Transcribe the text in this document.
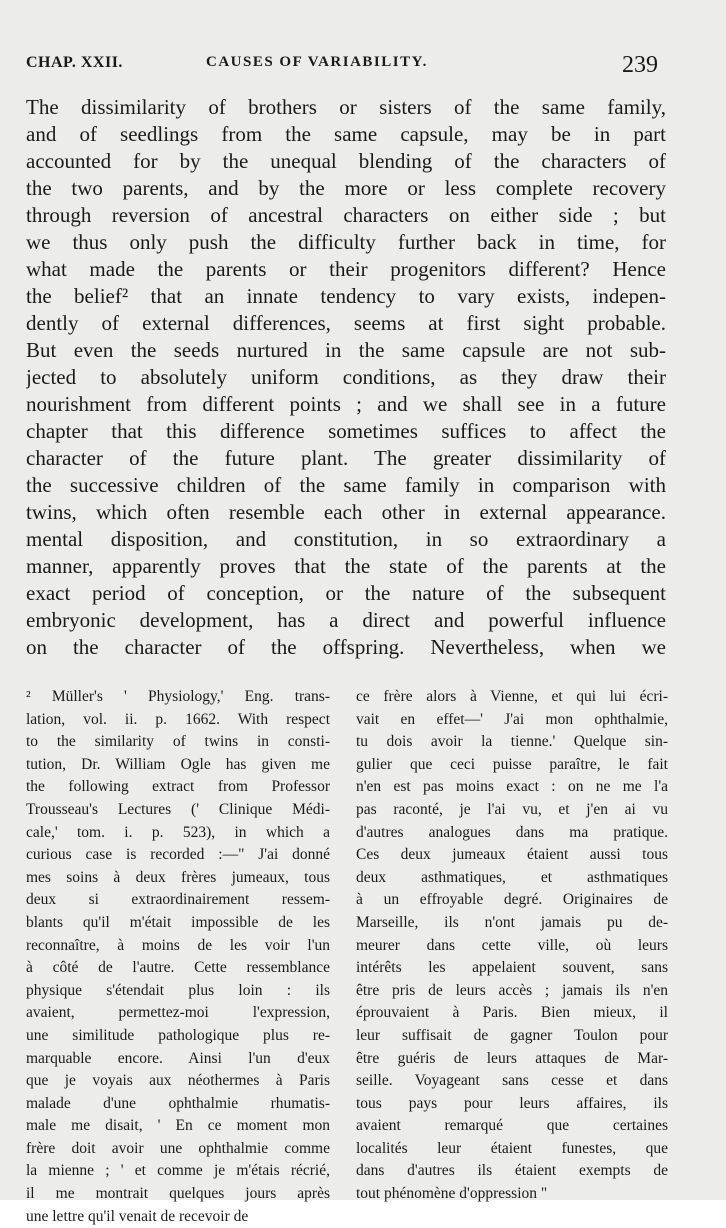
CHAP. XXII.	CAUSES OF VARIABILITY.	239
The dissimilarity of brothers or sisters of the same family,
and of seedlings from the same capsule, may be in part
accounted for by the unequal blending of the characters of
the two parents, and by the more or less complete recovery
through reversion of ancestral characters on either side ; but
we thus only push the difficulty further back in time, for
what made the parents or their progenitors different? Hence
the belief² that an innate tendency to vary exists, indepen-
dently of external differences, seems at first sight probable.
But even the seeds nurtured in the same capsule are not sub-
jected to absolutely uniform conditions, as they draw their
nourishment from different points ; and we shall see in a future
chapter that this difference sometimes suffices to affect the
character of the future plant. The greater dissimilarity of
the successive children of the same family in comparison with
twins, which often resemble each other in external appearance.
mental disposition, and constitution, in so extraordinary a
manner, apparently proves that the state of the parents at the
exact period of conception, or the nature of the subsequent
embryonic development, has a direct and powerful influence
on the character of the offspring. Nevertheless, when we
² Müller's ' Physiology,' Eng. trans-
lation, vol. ii. p. 1662. With respect
to the similarity of twins in consti-
tution, Dr. William Ogle has given me
the following extract from Professor
Trousseau's Lectures (' Clinique Médi-
cale,' tom. i. p. 523), in which a
curious case is recorded :—" J'ai donné
mes soins à deux frères jumeaux, tous
deux si extraordinairement ressem-
blants qu'il m'était impossible de les
reconnaître, à moins de les voir l'un
à côté de l'autre. Cette ressemblance
physique s'étendait plus loin : ils
avaient, permettez-moi l'expression,
une similitude pathologique plus re-
marquable encore. Ainsi l'un d'eux
que je voyais aux néothermes à Paris
malade d'une ophthalmie rhumatis-
male me disait, ' En ce moment mon
frère doit avoir une ophthalmie comme
la mienne ; ' et comme je m'étais récrié,
il me montrait quelques jours après
une lettre qu'il venait de recevoir de
ce frère alors à Vienne, et qui lui écri-
vait en effet—' J'ai mon ophthalmie,
tu dois avoir la tienne.' Quelque sin-
gulier que ceci puisse paraître, le fait
n'en est pas moins exact : on ne me l'a
pas raconté, je l'ai vu, et j'en ai vu
d'autres analogues dans ma pratique.
Ces deux jumeaux étaient aussi tous
deux asthmatiques, et asthmatiques
à un effroyable degré. Originaires de
Marseille, ils n'ont jamais pu de-
meurer dans cette ville, où leurs
intérêts les appelaient souvent, sans
être pris de leurs accès ; jamais ils n'en
éprouvaient à Paris. Bien mieux, il
leur suffisait de gagner Toulon pour
être guéris de leurs attaques de Mar-
seille. Voyageant sans cesse et dans
tous pays pour leurs affaires, ils
avaient remarqué que certaines
localités leur étaient funestes, que
dans d'autres ils étaient exempts de
tout phénomène d'oppression "
